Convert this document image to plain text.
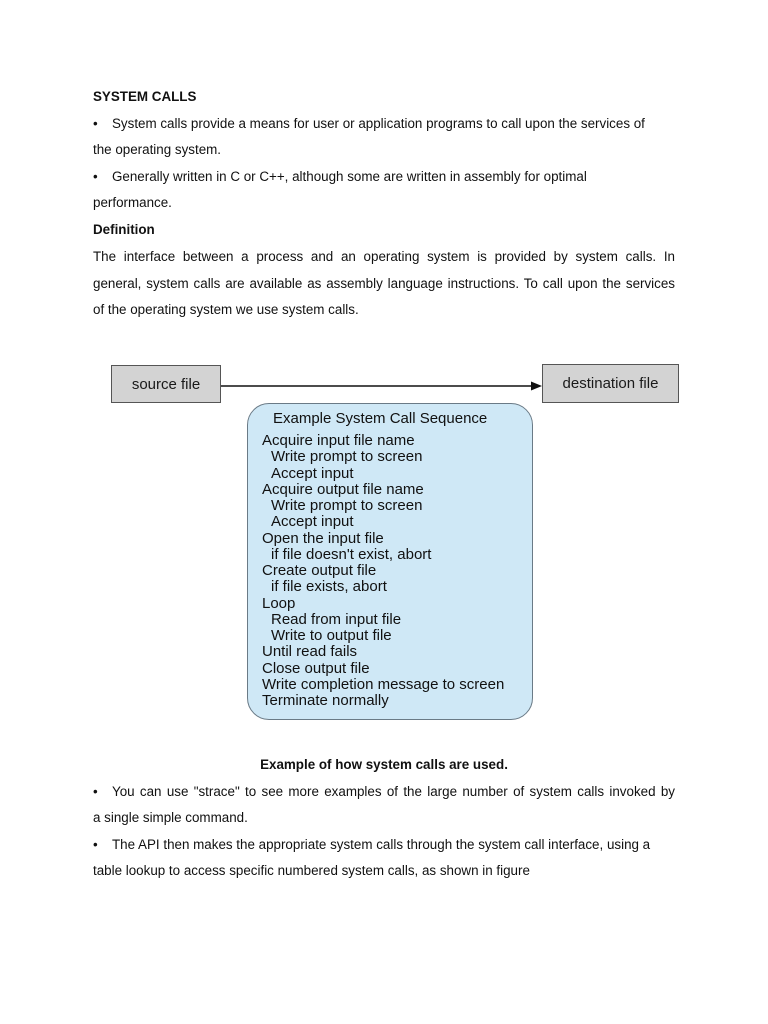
SYSTEM CALLS
• System calls provide a means for user or application programs to call upon the services of
the operating system.
• Generally written in C or C++, although some are written in assembly for optimal
performance.
Definition
The interface between a process and an operating system is provided by system calls. In
general, system calls are available as assembly language instructions. To call upon the services
of the operating system we use system calls.
source file	destination file
Example System Call Sequence
Acquire input file name
Write prompt to screen
Accept input
Acquire output file name
Write prompt to screen
Accept input
Open the input file
if file doesn't exist, abort
Create output file
if file exists, abort
Loop
Read from input file
Write to output file
Until read fails
Close output file
Write completion message to screen
Terminate normally
Example of how system calls are used.
• You can use "strace" to see more examples of the large number of system calls invoked by
a single simple command.
• The API then makes the appropriate system calls through the system call interface, using a
table lookup to access specific numbered system calls, as shown in figure
